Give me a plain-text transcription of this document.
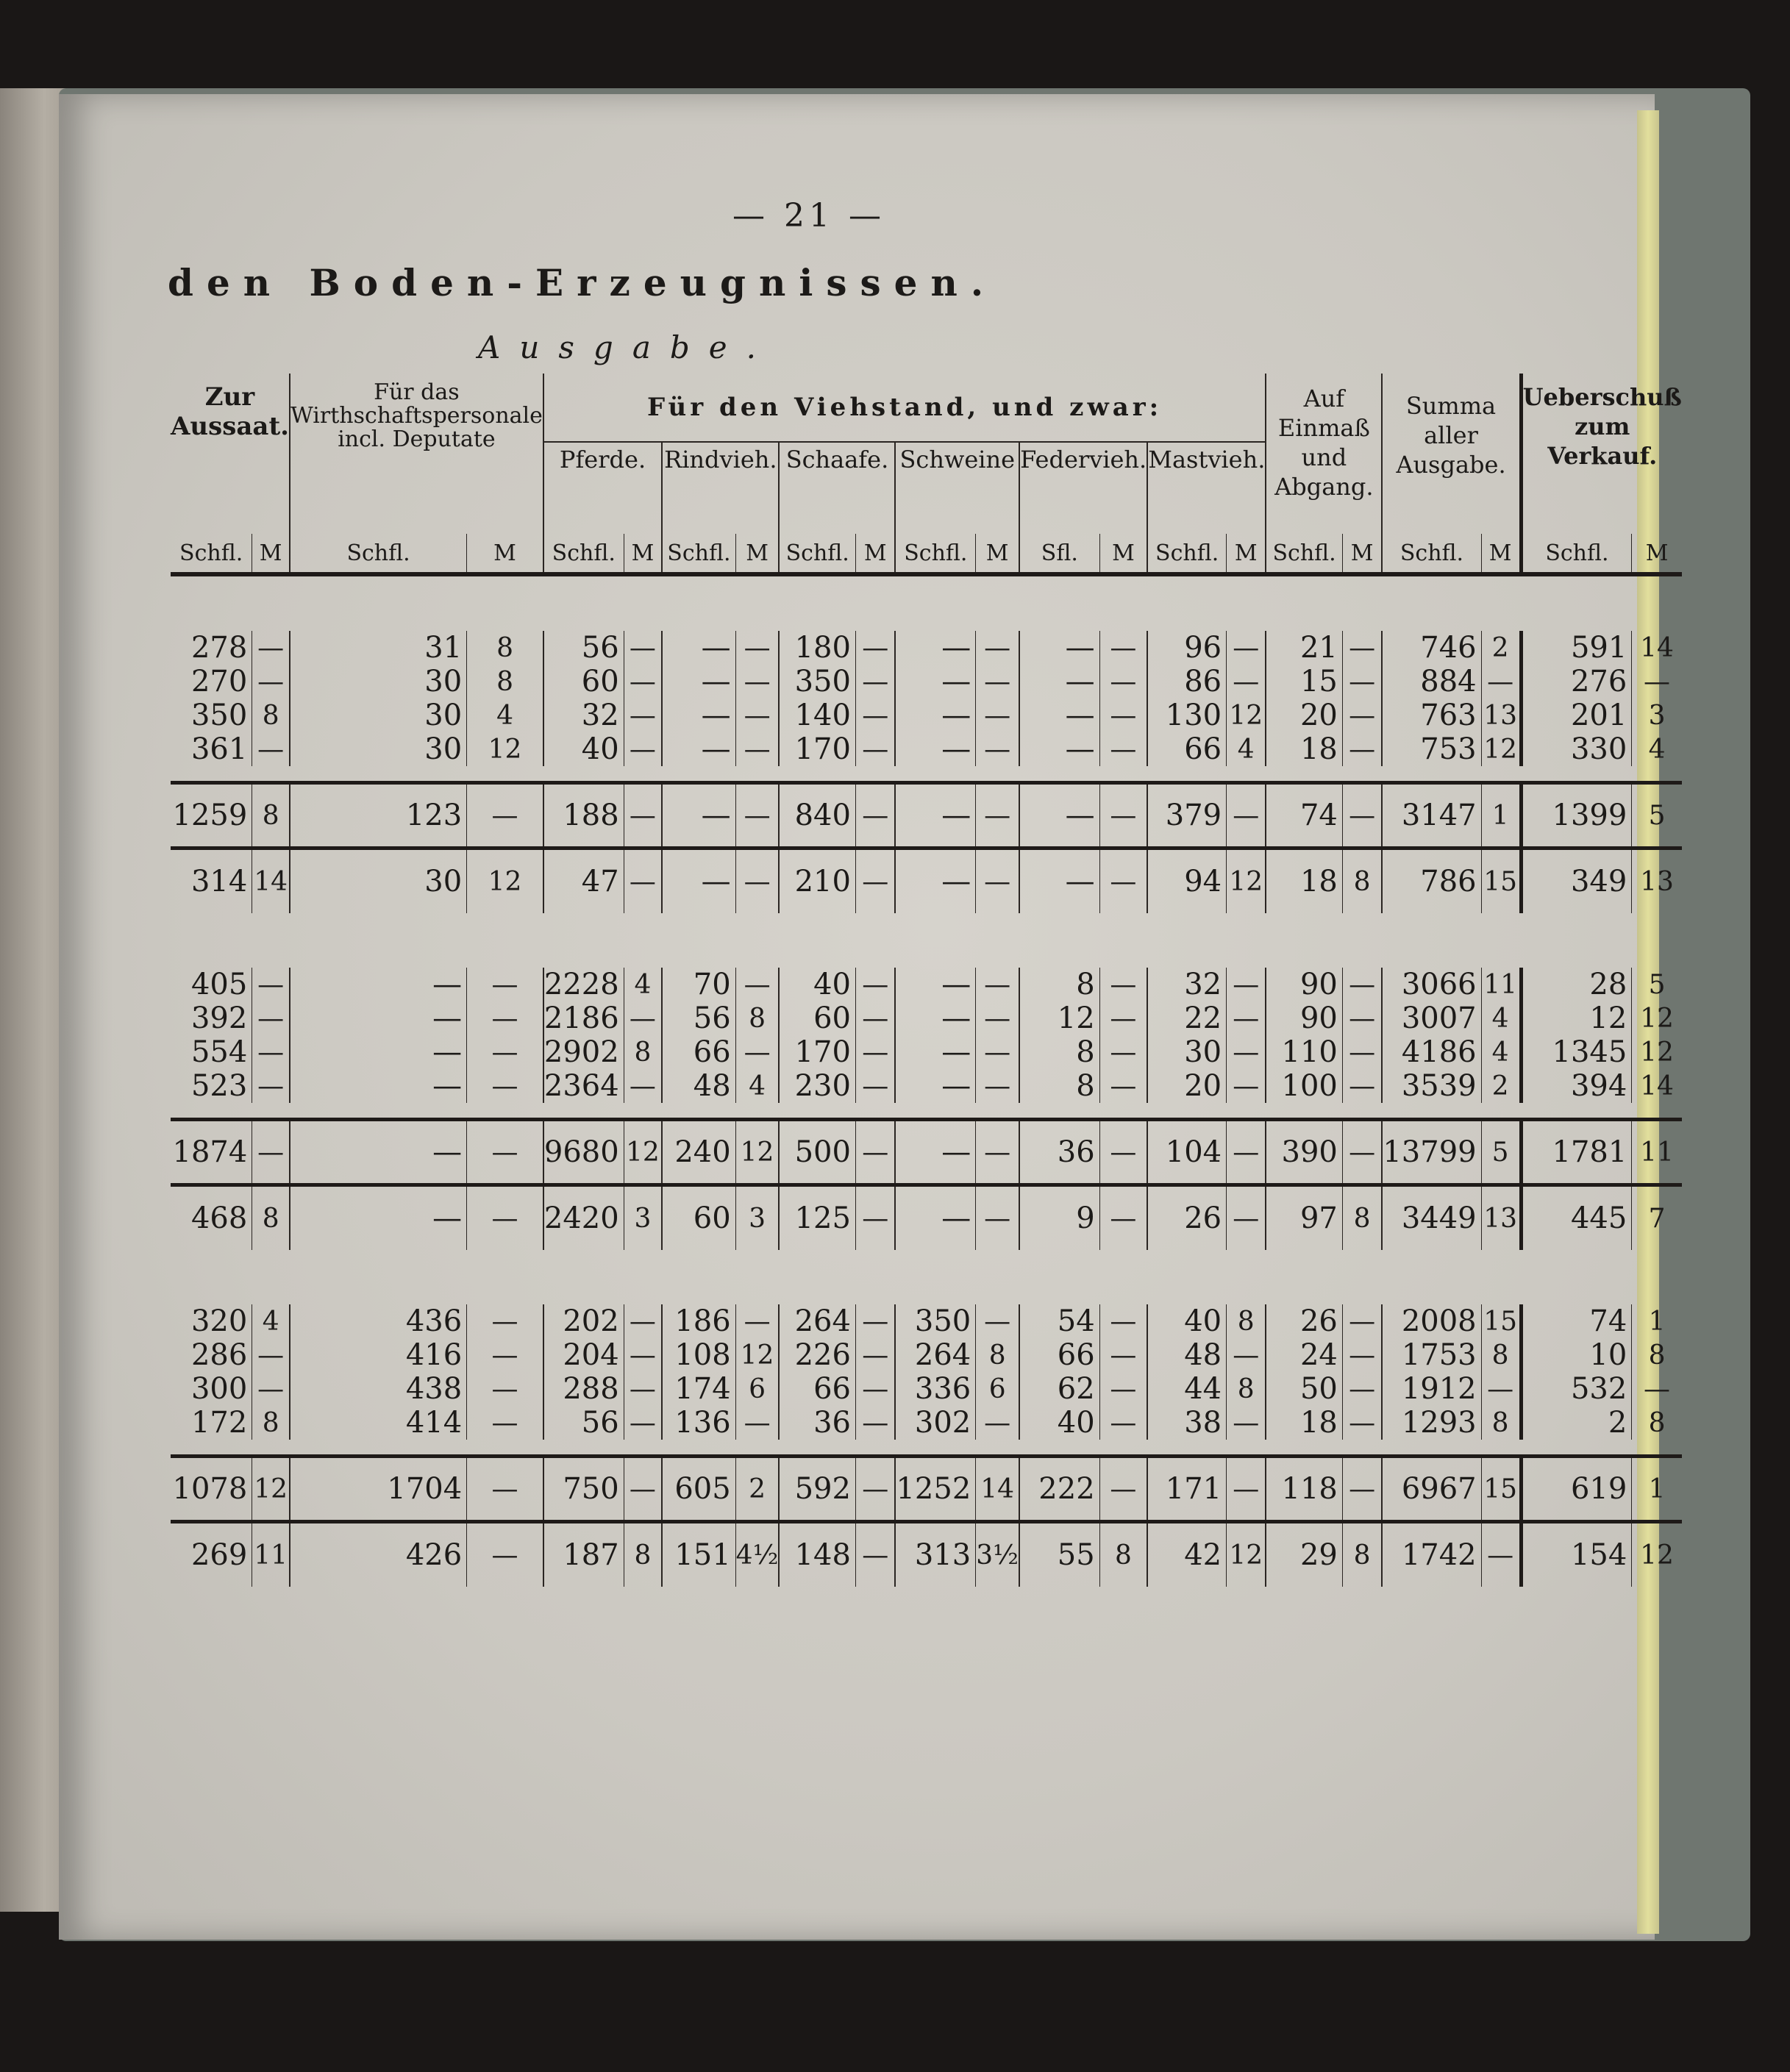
— 21 —
den Boden-Erzeugnissen.
Ausgabe.
Zur Aussaat.		Für das Wirthschaftspersonale incl. Deputate		Für den Viehstand, und zwar:												Auf Einmaß und Abgang.		Summa aller Ausgabe.		Ueberschuß zum Verkauf.	
				Pferde.		Rindvieh.		Schaafe.		Schweine		Federvieh.		Mastvieh.							
Schfl.	M	Schfl.	M	Schfl.	M	Schfl.	M	Schfl.	M	Schfl.	M	Sfl.	M	Schfl.	M	Schfl.	M	Schfl.	M	Schfl.	M

278	—	31	8	56	—	—	—	180	—	—	—	—	—	96	—	21	—	746	2	591	14
270	—	30	8	60	—	—	—	350	—	—	—	—	—	86	—	15	—	884	—	276	—
350	8	30	4	32	—	—	—	140	—	—	—	—	—	130	12	20	—	763	13	201	3
361	—	30	12	40	—	—	—	170	—	—	—	—	—	66	4	18	—	753	12	330	4

1259	8	123	—	188	—	—	—	840	—	—	—	—	—	379	—	74	—	3147	1	1399	5
314	14	30	12	47	—	—	—	210	—	—	—	—	—	94	12	18	8	786	15	349	13

405	—	—	—	2228	4	70	—	40	—	—	—	8	—	32	—	90	—	3066	11	28	5
392	—	—	—	2186	—	56	8	60	—	—	—	12	—	22	—	90	—	3007	4	12	12
554	—	—	—	2902	8	66	—	170	—	—	—	8	—	30	—	110	—	4186	4	1345	12
523	—	—	—	2364	—	48	4	230	—	—	—	8	—	20	—	100	—	3539	2	394	14

1874	—	—	—	9680	12	240	12	500	—	—	—	36	—	104	—	390	—	13799	5	1781	11
468	8	—	—	2420	3	60	3	125	—	—	—	9	—	26	—	97	8	3449	13	445	7

320	4	436	—	202	—	186	—	264	—	350	—	54	—	40	8	26	—	2008	15	74	1
286	—	416	—	204	—	108	12	226	—	264	8	66	—	48	—	24	—	1753	8	10	8
300	—	438	—	288	—	174	6	66	—	336	6	62	—	44	8	50	—	1912	—	532	—
172	8	414	—	56	—	136	—	36	—	302	—	40	—	38	—	18	—	1293	8	2	8

1078	12	1704	—	750	—	605	2	592	—	1252	14	222	—	171	—	118	—	6967	15	619	1
269	11	426	—	187	8	151	4½	148	—	313	3½	55	8	42	12	29	8	1742	—	154	12
